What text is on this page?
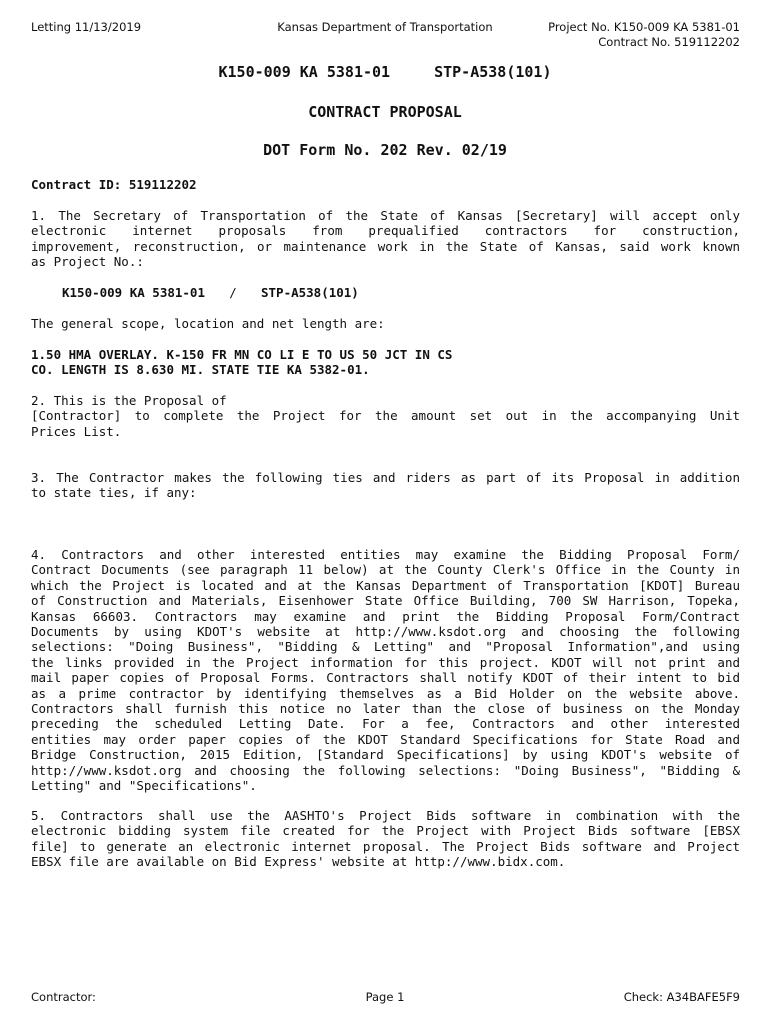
Kansas Department of Transportation
Letting 11/13/2019	Project No. K150-009 KA 5381-01
Contract No. 519112202
K150-009 KA 5381-01	STP-A538(101)
CONTRACT PROPOSAL
DOT Form No. 202 Rev. 02/19
Contract ID: 519112202
1. The Secretary of Transportation of the State of Kansas [Secretary] will accept only
electronic internet proposals from prequalified contractors for construction,
improvement, reconstruction, or maintenance work in the State of Kansas, said work known
as Project No.:
K150-009 KA 5381-01 / STP-A538(101)
The general scope, location and net length are:
1.50 HMA OVERLAY. K-150 FR MN CO LI E TO US 50 JCT IN CS
CO. LENGTH IS 8.630 MI. STATE TIE KA 5382-01.
2. This is the Proposal of
[Contractor] to complete the Project for the amount set out in the accompanying Unit
Prices List.
3. The Contractor makes the following ties and riders as part of its Proposal in addition
to state ties, if any:
4. Contractors and other interested entities may examine the Bidding Proposal Form/
Contract Documents (see paragraph 11 below) at the County Clerk's Office in the County in
which the Project is located and at the Kansas Department of Transportation [KDOT] Bureau
of Construction and Materials, Eisenhower State Office Building, 700 SW Harrison, Topeka,
Kansas 66603. Contractors may examine and print the Bidding Proposal Form/Contract
Documents by using KDOT's website at http://www.ksdot.org and choosing the following
selections: "Doing Business", "Bidding & Letting" and "Proposal Information",and using
the links provided in the Project information for this project. KDOT will not print and
mail paper copies of Proposal Forms. Contractors shall notify KDOT of their intent to bid
as a prime contractor by identifying themselves as a Bid Holder on the website above.
Contractors shall furnish this notice no later than the close of business on the Monday
preceding the scheduled Letting Date. For a fee, Contractors and other interested
entities may order paper copies of the KDOT Standard Specifications for State Road and
Bridge Construction, 2015 Edition, [Standard Specifications] by using KDOT's website of
http://www.ksdot.org and choosing the following selections: "Doing Business", "Bidding &
Letting" and "Specifications".
5. Contractors shall use the AASHTO's Project Bids software in combination with the
electronic bidding system file created for the Project with Project Bids software [EBSX
file] to generate an electronic internet proposal. The Project Bids software and Project
EBSX file are available on Bid Express' website at http://www.bidx.com.
Page 1
Contractor:	Check: A34BAFE5F9
